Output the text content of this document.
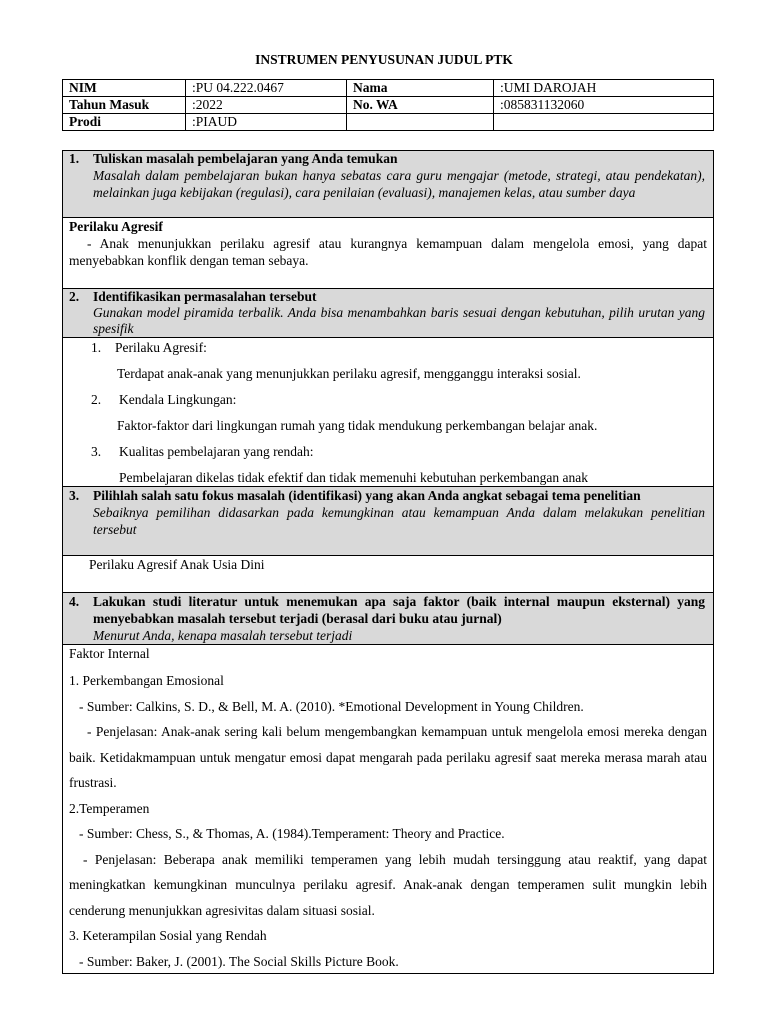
INSTRUMEN PENYUSUNAN JUDUL PTK
NIM	:PU 04.222.0467	Nama	:UMI DAROJAH
Tahun Masuk	:2022	No. WA	:085831132060
Prodi	:PIAUD		
1.	Tuliskan masalah pembelajaran yang Anda temukan
Masalah dalam pembelajaran bukan hanya sebatas cara guru mengajar (metode, strategi, atau pendekatan), melainkan juga kebijakan (regulasi), cara penilaian (evaluasi), manajemen kelas, atau sumber daya
Perilaku Agresif
- Anak menunjukkan perilaku agresif atau kurangnya kemampuan dalam mengelola emosi, yang dapat menyebabkan konflik dengan teman sebaya.
2.	Identifikasikan permasalahan tersebut
Gunakan model piramida terbalik. Anda bisa menambahkan baris sesuai dengan kebutuhan, pilih urutan yang spesifik
1.	Perilaku Agresif:
Terdapat anak-anak yang menunjukkan perilaku agresif, mengganggu interaksi sosial.
2.	Kendala Lingkungan:
Faktor-faktor dari lingkungan rumah yang tidak mendukung perkembangan belajar anak.
3.	Kualitas pembelajaran yang rendah:
Pembelajaran dikelas tidak efektif dan tidak memenuhi kebutuhan perkembangan anak
3.	Pilihlah salah satu fokus masalah (identifikasi) yang akan Anda angkat sebagai tema penelitian
Sebaiknya pemilihan didasarkan pada kemungkinan atau kemampuan Anda dalam melakukan penelitian tersebut
Perilaku Agresif Anak Usia Dini
4.	Lakukan studi literatur untuk menemukan apa saja faktor (baik internal maupun eksternal) yang menyebabkan masalah tersebut terjadi (berasal dari buku atau jurnal)
Menurut Anda, kenapa masalah tersebut terjadi
Faktor Internal
1. Perkembangan Emosional
- Sumber: Calkins, S. D., & Bell, M. A. (2010). *Emotional Development in Young Children.
- Penjelasan: Anak-anak sering kali belum mengembangkan kemampuan untuk mengelola emosi mereka dengan baik. Ketidakmampuan untuk mengatur emosi dapat mengarah pada perilaku agresif saat mereka merasa marah atau frustrasi.
2.Temperamen
- Sumber: Chess, S., & Thomas, A. (1984).Temperament: Theory and Practice.
- Penjelasan: Beberapa anak memiliki temperamen yang lebih mudah tersinggung atau reaktif, yang dapat meningkatkan kemungkinan munculnya perilaku agresif. Anak-anak dengan temperamen sulit mungkin lebih cenderung menunjukkan agresivitas dalam situasi sosial.
3. Keterampilan Sosial yang Rendah
- Sumber: Baker, J. (2001). The Social Skills Picture Book.
